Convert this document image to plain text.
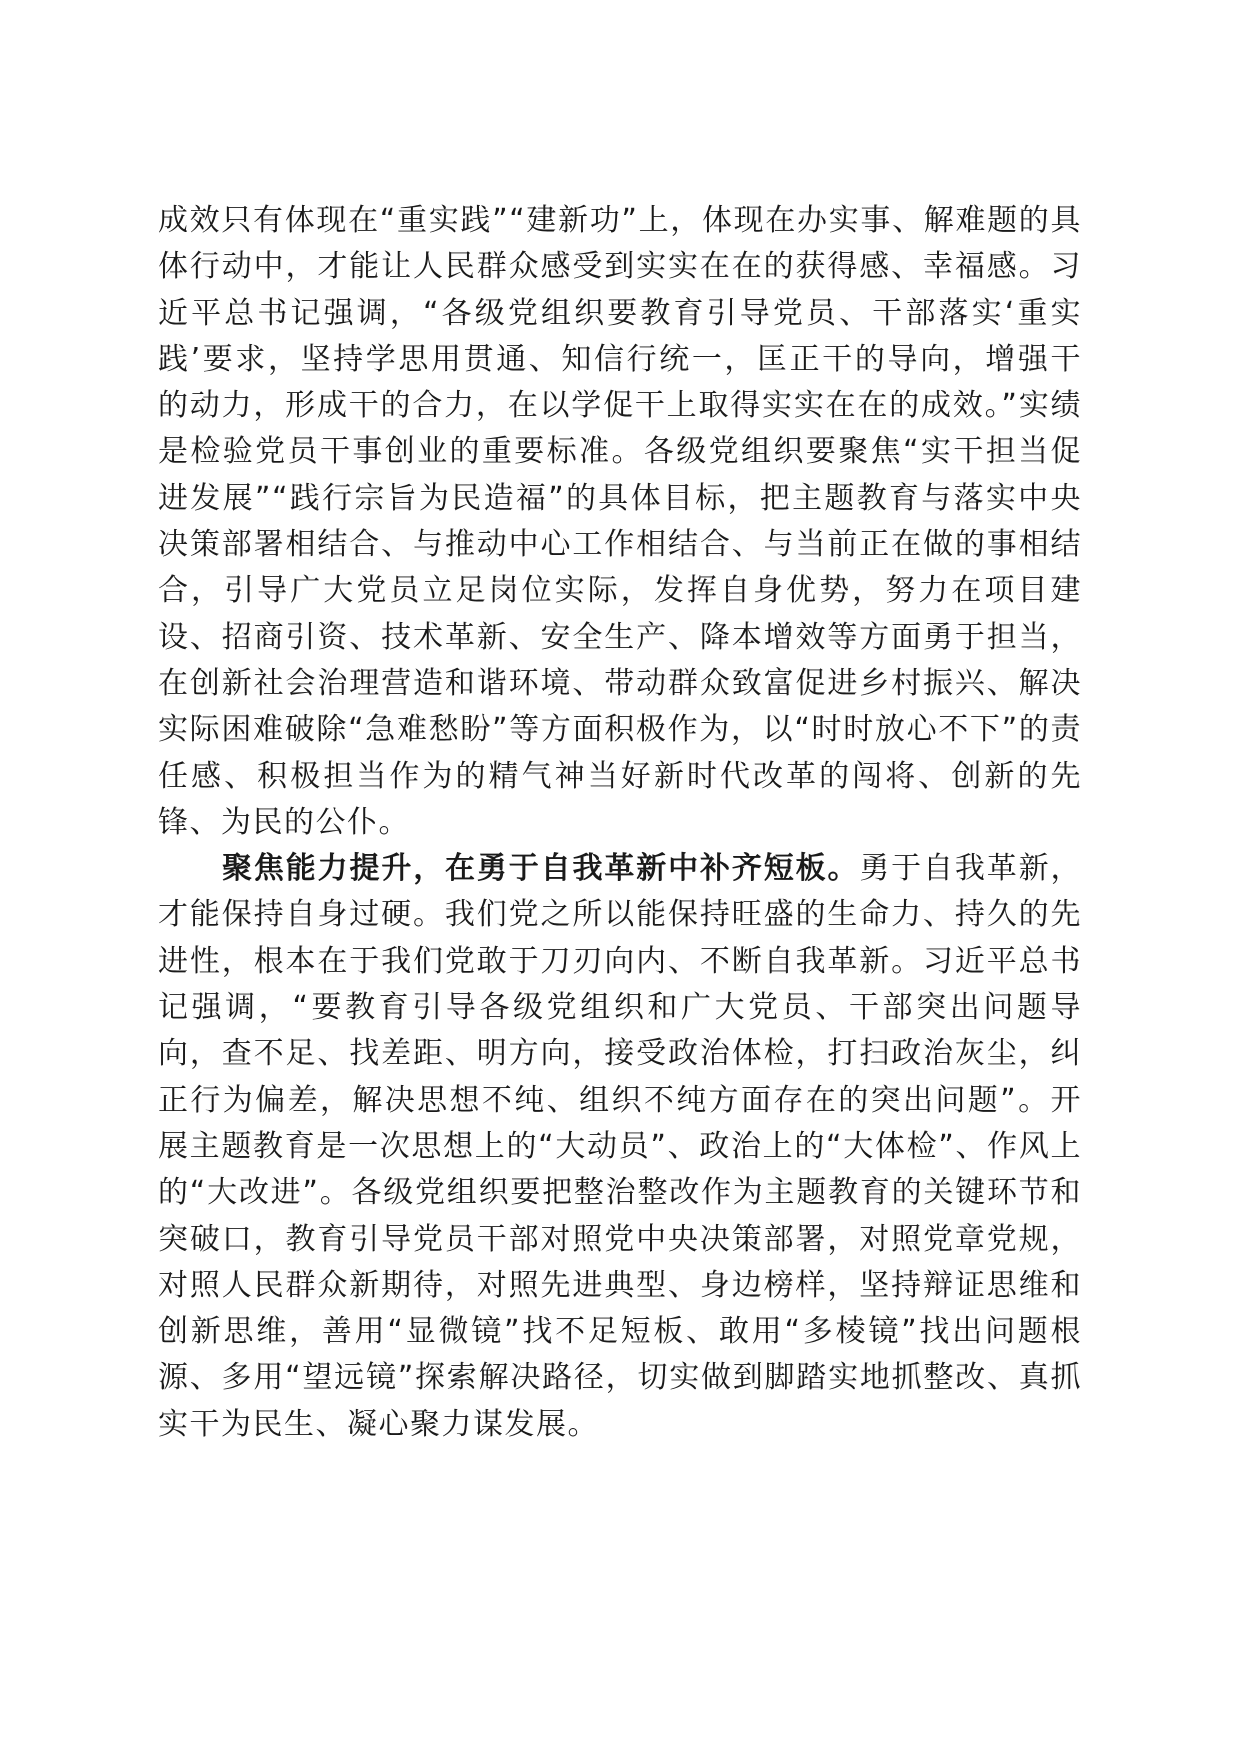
成效只有体现在“重实践”“建新功”上，体现在办实事、解难题的具体行动中，才能让人民群众感受到实实在在的获得感、幸福感。习近平总书记强调，“各级党组织要教育引导党员、干部落实‘重实践’要求，坚持学思用贯通、知信行统一，匡正干的导向，增强干的动力，形成干的合力，在以学促干上取得实实在在的成效。”实绩是检验党员干事创业的重要标准。各级党组织要聚焦“实干担当促进发展”“践行宗旨为民造福”的具体目标，把主题教育与落实中央决策部署相结合、与推动中心工作相结合、与当前正在做的事相结合，引导广大党员立足岗位实际，发挥自身优势，努力在项目建设、招商引资、技术革新、安全生产、降本增效等方面勇于担当，在创新社会治理营造和谐环境、带动群众致富促进乡村振兴、解决实际困难破除“急难愁盼”等方面积极作为，以“时时放心不下”的责任感、积极担当作为的精气神当好新时代改革的闯将、创新的先锋、为民的公仆。

聚焦能力提升，在勇于自我革新中补齐短板。勇于自我革新，才能保持自身过硬。我们党之所以能保持旺盛的生命力、持久的先进性，根本在于我们党敢于刀刃向内、不断自我革新。习近平总书记强调，“要教育引导各级党组织和广大党员、干部突出问题导向，查不足、找差距、明方向，接受政治体检，打扫政治灰尘，纠正行为偏差，解决思想不纯、组织不纯方面存在的突出问题”。开展主题教育是一次思想上的“大动员”、政治上的“大体检”、作风上的“大改进”。各级党组织要把整治整改作为主题教育的关键环节和突破口，教育引导党员干部对照党中央决策部署，对照党章党规，对照人民群众新期待，对照先进典型、身边榜样，坚持辩证思维和创新思维，善用“显微镜”找不足短板、敢用“多棱镜”找出问题根源、多用“望远镜”探索解决路径，切实做到脚踏实地抓整改、真抓实干为民生、凝心聚力谋发展。
